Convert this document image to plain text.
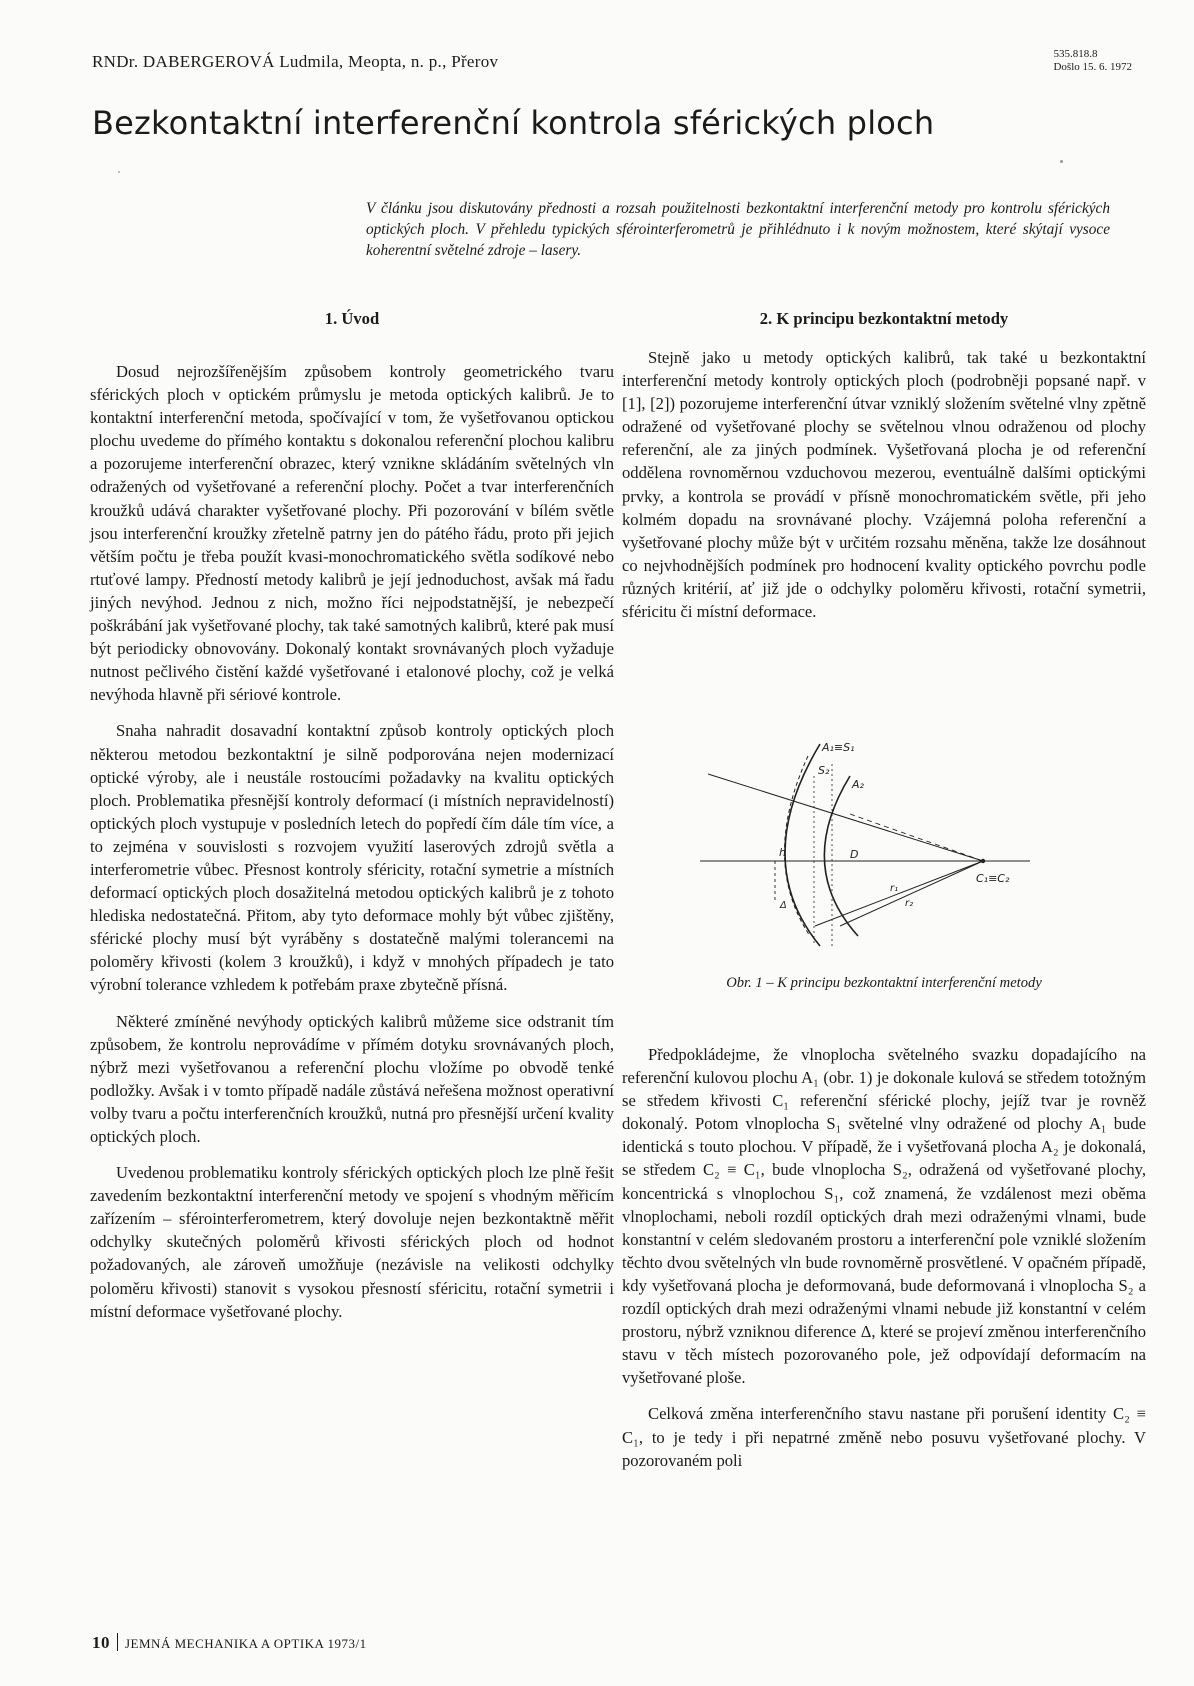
RNDr. DABERGEROVÁ Ludmila, Meopta, n. p., Přerov	535.818.8
Došlo 15. 6. 1972
Bezkontaktní interferenční kontrola sférických ploch

V článku jsou diskutovány přednosti a rozsah použitelnosti bezkontaktní interferenční metody pro kontrolu sférických optických ploch. V přehledu typických sférointerferometrů je přihlédnuto i k novým možnostem, které skýtají vysoce koherentní světelné zdroje – lasery.

1. Úvod	2. K principu bezkontaktní metody

Dosud nejrozšířenějším způsobem kontroly geometrického tvaru sférických ploch v optickém průmyslu je metoda optických kalibrů. Je to kontaktní interferenční metoda, spočívající v tom, že vyšetřovanou optickou plochu uvedeme do přímého kontaktu s dokonalou referenční plochou kalibru a pozorujeme interferenční obrazec, který vznikne skládáním světelných vln odražených od vyšetřované a referenční plochy. Počet a tvar interferenčních kroužků udává charakter vyšetřované plochy. Při pozorování v bílém světle jsou interferenční kroužky zřetelně patrny jen do pátého řádu, proto při jejich větším počtu je třeba použít kvasi-monochromatického světla sodíkové nebo rtuťové lampy. Předností metody kalibrů je její jednoduchost, avšak má řadu jiných nevýhod. Jednou z nich, možno říci nejpodstatnější, je nebezpečí poškrábání jak vyšetřované plochy, tak také samotných kalibrů, které pak musí být periodicky obnovovány. Dokonalý kontakt srovnávaných ploch vyžaduje nutnost pečlivého čistění každé vyšetřované i etalonové plochy, což je velká nevýhoda hlavně při sériové kontrole.

Snaha nahradit dosavadní kontaktní způsob kontroly optických ploch některou metodou bezkontaktní je silně podporována nejen modernizací optické výroby, ale i neustále rostoucími požadavky na kvalitu optických ploch. Problematika přesnější kontroly deformací (i místních nepravidelností) optických ploch vystupuje v posledních letech do popředí čím dále tím více, a to zejména v souvislosti s rozvojem využití laserových zdrojů světla a interferometrie vůbec. Přesnost kontroly sféricity, rotační symetrie a místních deformací optických ploch dosažitelná metodou optických kalibrů je z tohoto hlediska nedostatečná. Přitom, aby tyto deformace mohly být vůbec zjištěny, sférické plochy musí být vyráběny s dostatečně malými tolerancemi na poloměry křivosti (kolem 3 kroužků), i když v mnohých případech je tato výrobní tolerance vzhledem k potřebám praxe zbytečně přísná.

Některé zmíněné nevýhody optických kalibrů můžeme sice odstranit tím způsobem, že kontrolu neprovádíme v přímém dotyku srovnávaných ploch, nýbrž mezi vyšetřovanou a referenční plochu vložíme po obvodě tenké podložky. Avšak i v tomto případě nadále zůstává neřešena možnost operativní volby tvaru a počtu interferenčních kroužků, nutná pro přesnější určení kvality optických ploch.

Uvedenou problematiku kontroly sférických optických ploch lze plně řešit zavedením bezkontaktní interferenční metody ve spojení s vhodným měřicím zařízením – sférointerferometrem, který dovoluje nejen bezkontaktně měřit odchylky skutečných poloměrů křivosti sférických ploch od hodnot požadovaných, ale zároveň umožňuje (nezávisle na velikosti odchylky poloměru křivosti) stanovit s vysokou přesností sféricitu, rotační symetrii i místní deformace vyšetřované plochy.

Stejně jako u metody optických kalibrů, tak také u bezkontaktní interferenční metody kontroly optických ploch (podrobněji popsané např. v [1], [2]) pozorujeme interferenční útvar vzniklý složením světelné vlny zpětně odražené od vyšetřované plochy se světelnou vlnou odraženou od plochy referenční, ale za jiných podmínek. Vyšetřovaná plocha je od referenční oddělena rovnoměrnou vzduchovou mezerou, eventuálně dalšími optickými prvky, a kontrola se provádí v přísně monochromatickém světle, při jeho kolmém dopadu na srovnávané plochy. Vzájemná poloha referenční a vyšetřované plochy může být v určitém rozsahu měněna, takže lze dosáhnout co nejvhodnějších podmínek pro hodnocení kvality optického povrchu podle různých kritérií, ať již jde o odchylky poloměru křivosti, rotační symetrii, sféricitu či místní deformace.

A₁≡S₁
S₂
A₂
h	D
C₁≡C₂
r₁
r₂
Δ
Obr. 1 – K principu bezkontaktní interferenční metody

Předpokládejme, že vlnoplocha světelného svazku dopadajícího na referenční kulovou plochu A₁ (obr. 1) je dokonale kulová se středem totožným se středem křivosti C₁ referenční sférické plochy, jejíž tvar je rovněž dokonalý. Potom vlnoplocha S₁ světelné vlny odražené od plochy A₁ bude identická s touto plochou. V případě, že i vyšetřovaná plocha A₂ je dokonalá, se středem C₂ ≡ C₁, bude vlnoplocha S₂, odražená od vyšetřované plochy, koncentrická s vlnoplochou S₁, což znamená, že vzdálenost mezi oběma vlnoplochami, neboli rozdíl optických drah mezi odraženými vlnami, bude konstantní v celém sledovaném prostoru a interferenční pole vzniklé složením těchto dvou světelných vln bude rovnoměrně prosvětlené. V opačném případě, kdy vyšetřovaná plocha je deformovaná, bude deformovaná i vlnoplocha S₂ a rozdíl optických drah mezi odraženými vlnami nebude již konstantní v celém prostoru, nýbrž vzniknou diference Δ, které se projeví změnou interferenčního stavu v těch místech pozorovaného pole, jež odpovídají deformacím na vyšetřované ploše.

Celková změna interferenčního stavu nastane při porušení identity C₂ ≡ C₁, to je tedy i při nepatrné změně nebo posuvu vyšetřované plochy. V pozorovaném poli

10 JEMNÁ MECHANIKA A OPTIKA 1973/1
